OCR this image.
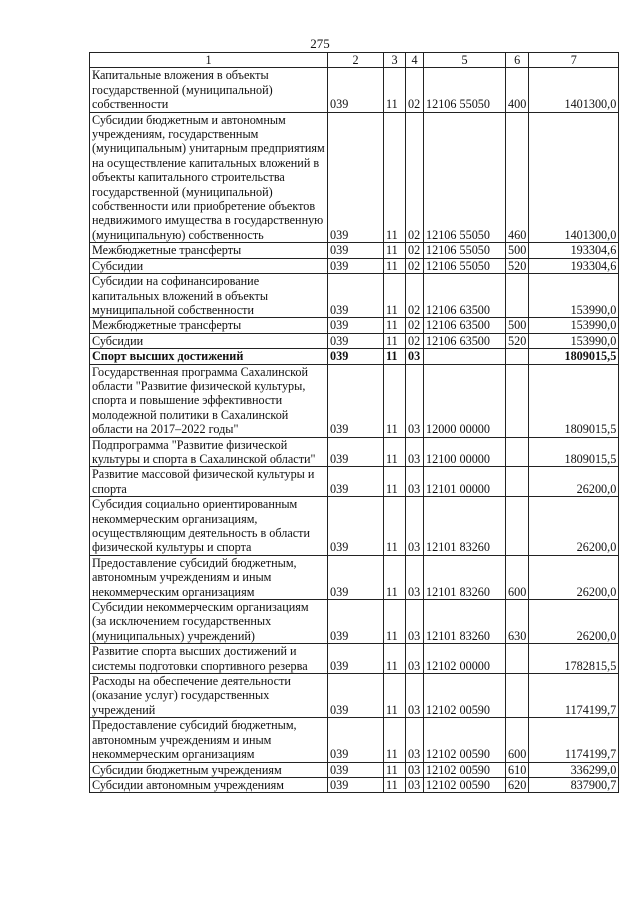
275
1	2	3	4	5	6	7
Капитальные вложения в объекты государственной (муниципальной) собственности	039	11	02	12106 55050	400	1401300,0
Субсидии бюджетным и автономным учреждениям, государственным (муниципальным) унитарным предприятиям на осуществление капитальных вложений в объекты капитального строительства государственной (муниципальной) собственности или приобретение объектов недвижимого имущества в государственную (муниципальную) собственность	039	11	02	12106 55050	460	1401300,0
Межбюджетные трансферты	039	11	02	12106 55050	500	193304,6
Субсидии	039	11	02	12106 55050	520	193304,6
Субсидии на софинансирование капитальных вложений в объекты муниципальной собственности	039	11	02	12106 63500		153990,0
Межбюджетные трансферты	039	11	02	12106 63500	500	153990,0
Субсидии	039	11	02	12106 63500	520	153990,0
Спорт высших достижений	039	11	03			1809015,5
Государственная программа Сахалинской области "Развитие физической культуры, спорта и повышение эффективности молодежной политики в Сахалинской области на 2017–2022 годы"	039	11	03	12000 00000		1809015,5
Подпрограмма "Развитие физической культуры и спорта в Сахалинской области"	039	11	03	12100 00000		1809015,5
Развитие массовой физической культуры и спорта	039	11	03	12101 00000		26200,0
Субсидия социально ориентированным некоммерческим организациям, осуществляющим деятельность в области физической культуры и спорта	039	11	03	12101 83260		26200,0
Предоставление субсидий бюджетным, автономным учреждениям и иным некоммерческим организациям	039	11	03	12101 83260	600	26200,0
Субсидии некоммерческим организациям (за исключением государственных (муниципальных) учреждений)	039	11	03	12101 83260	630	26200,0
Развитие спорта высших достижений и системы подготовки спортивного резерва	039	11	03	12102 00000		1782815,5
Расходы на обеспечение деятельности (оказание услуг) государственных учреждений	039	11	03	12102 00590		1174199,7
Предоставление субсидий бюджетным, автономным учреждениям и иным некоммерческим организациям	039	11	03	12102 00590	600	1174199,7
Субсидии бюджетным учреждениям	039	11	03	12102 00590	610	336299,0
Субсидии автономным учреждениям	039	11	03	12102 00590	620	837900,7
